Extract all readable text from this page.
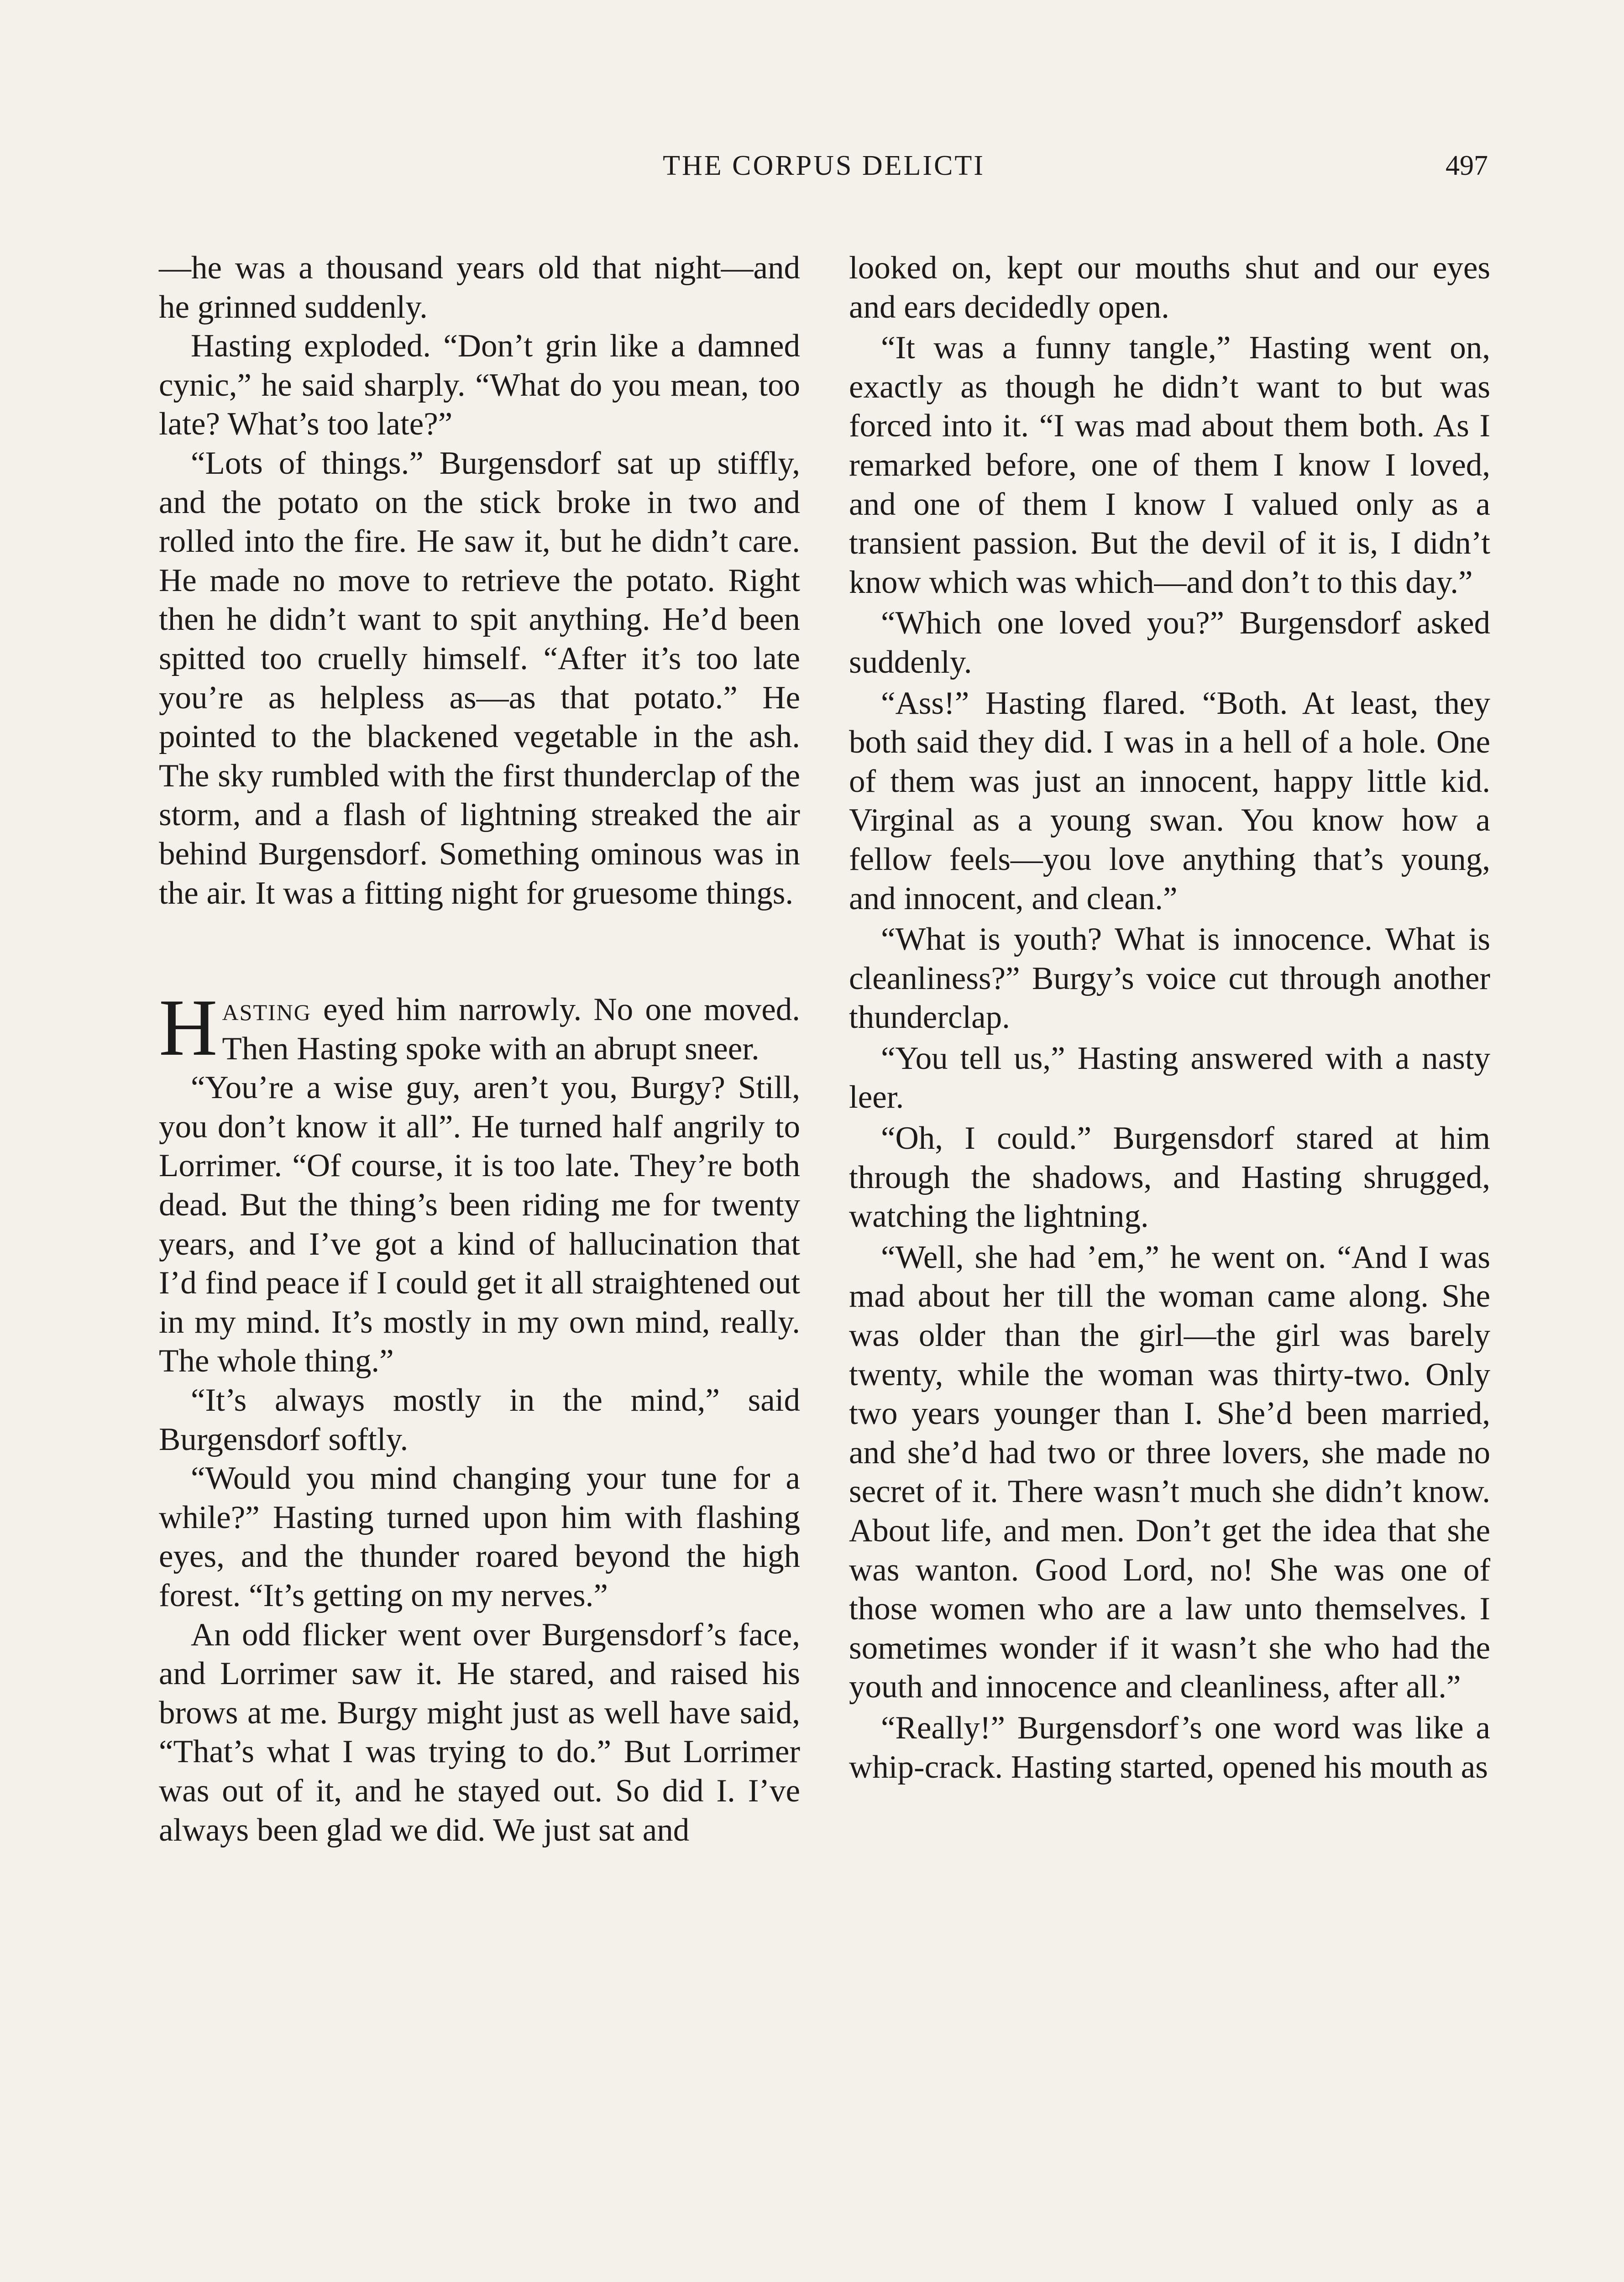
THE CORPUS DELICTI	497

—he was a thousand years old that night—and he grinned suddenly.

Hasting exploded. “Don’t grin like a damned cynic,” he said sharply. “What do you mean, too late? What’s too late?”

“Lots of things.” Burgensdorf sat up stiffly, and the potato on the stick broke in two and rolled into the fire. He saw it, but he didn’t care. He made no move to retrieve the potato. Right then he didn’t want to spit anything. He’d been spitted too cruelly himself. “After it’s too late you’re as helpless as—as that potato.” He pointed to the blackened vegetable in the ash. The sky rumbled with the first thunderclap of the storm, and a flash of lightning streaked the air behind Burgensdorf. Something ominous was in the air. It was a fitting night for gruesome things.

Hasting eyed him narrowly. No one moved. Then Hasting spoke with an abrupt sneer.

“You’re a wise guy, aren’t you, Burgy? Still, you don’t know it all”. He turned half angrily to Lorrimer. “Of course, it is too late. They’re both dead. But the thing’s been riding me for twenty years, and I’ve got a kind of hallucination that I’d find peace if I could get it all straightened out in my mind. It’s mostly in my own mind, really. The whole thing.”

“It’s always mostly in the mind,” said Burgensdorf softly.

“Would you mind changing your tune for a while?” Hasting turned upon him with flashing eyes, and the thunder roared beyond the high forest. “It’s getting on my nerves.”

An odd flicker went over Burgensdorf’s face, and Lorrimer saw it. He stared, and raised his brows at me. Burgy might just as well have said, “That’s what I was trying to do.” But Lorrimer was out of it, and he stayed out. So did I. I’ve always been glad we did. We just sat and

looked on, kept our mouths shut and our eyes and ears decidedly open.

“It was a funny tangle,” Hasting went on, exactly as though he didn’t want to but was forced into it. “I was mad about them both. As I remarked before, one of them I know I loved, and one of them I know I valued only as a transient passion. But the devil of it is, I didn’t know which was which—and don’t to this day.”

“Which one loved you?” Burgensdorf asked suddenly.

“Ass!” Hasting flared. “Both. At least, they both said they did. I was in a hell of a hole. One of them was just an innocent, happy little kid. Virginal as a young swan. You know how a fellow feels—you love anything that’s young, and innocent, and clean.”

“What is youth? What is innocence. What is cleanliness?” Burgy’s voice cut through another thunderclap.

“You tell us,” Hasting answered with a nasty leer.

“Oh, I could.” Burgensdorf stared at him through the shadows, and Hasting shrugged, watching the lightning.

“Well, she had ’em,” he went on. “And I was mad about her till the woman came along. She was older than the girl—the girl was barely twenty, while the woman was thirty-two. Only two years younger than I. She’d been married, and she’d had two or three lovers, she made no secret of it. There wasn’t much she didn’t know. About life, and men. Don’t get the idea that she was wanton. Good Lord, no! She was one of those women who are a law unto themselves. I sometimes wonder if it wasn’t she who had the youth and innocence and cleanliness, after all.”

“Really!” Burgensdorf’s one word was like a whip-crack. Hasting started, opened his mouth as
